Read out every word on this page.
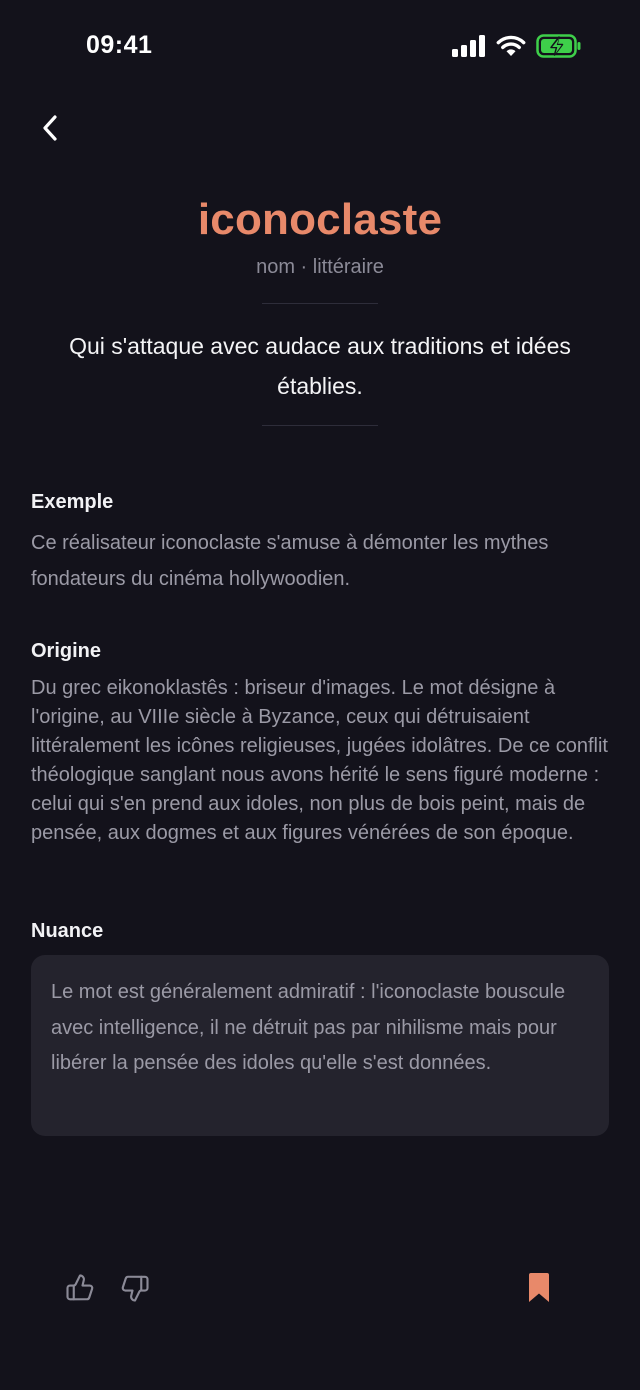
09:41
iconoclaste
nom · littéraire
Qui s'attaque avec audace aux traditions et idées établies.
Exemple
Ce réalisateur iconoclaste s'amuse à démonter les mythes fondateurs du cinéma hollywoodien.
Origine
Du grec eikonoklastês : briseur d'images. Le mot désigne à l'origine, au VIIIe siècle à Byzance, ceux qui détruisaient littéralement les icônes religieuses, jugées idolâtres. De ce conflit théologique sanglant nous avons hérité le sens figuré moderne : celui qui s'en prend aux idoles, non plus de bois peint, mais de pensée, aux dogmes et aux figures vénérées de son époque.
Nuance
Le mot est généralement admiratif : l'iconoclaste bouscule avec intelligence, il ne détruit pas par nihilisme mais pour libérer la pensée des idoles qu'elle s'est données.
